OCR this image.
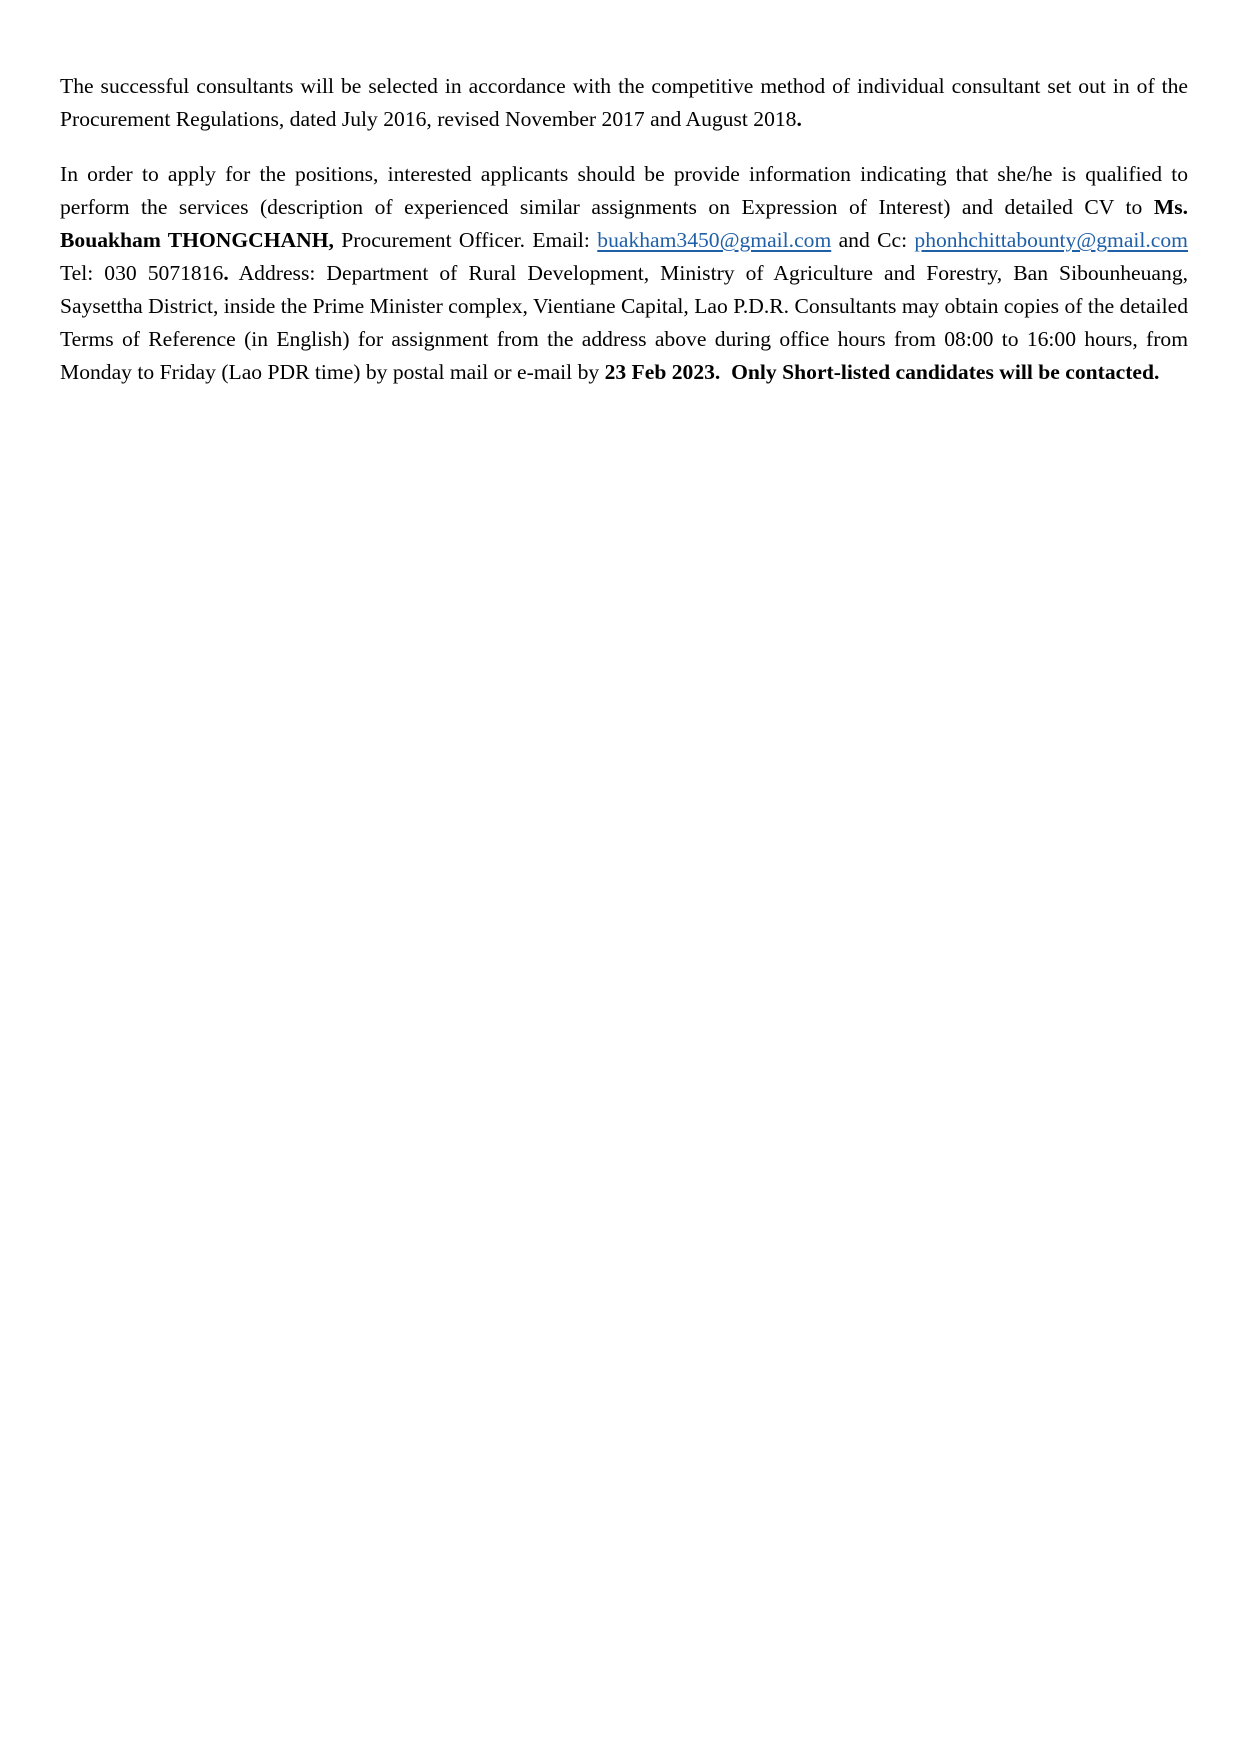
The successful consultants will be selected in accordance with the competitive method of individual consultant set out in of the Procurement Regulations, dated July 2016, revised November 2017 and August 2018.

In order to apply for the positions, interested applicants should be provide information indicating that she/he is qualified to perform the services (description of experienced similar assignments on Expression of Interest) and detailed CV to Ms. Bouakham THONGCHANH, Procurement Officer. Email: buakham3450@gmail.com and Cc: phonhchittabounty@gmail.com Tel: 030 5071816. Address: Department of Rural Development, Ministry of Agriculture and Forestry, Ban Sibounheuang, Saysettha District, inside the Prime Minister complex, Vientiane Capital, Lao P.D.R. Consultants may obtain copies of the detailed Terms of Reference (in English) for assignment from the address above during office hours from 08:00 to 16:00 hours, from Monday to Friday (Lao PDR time) by postal mail or e-mail by 23 Feb 2023. Only Short-listed candidates will be contacted.
